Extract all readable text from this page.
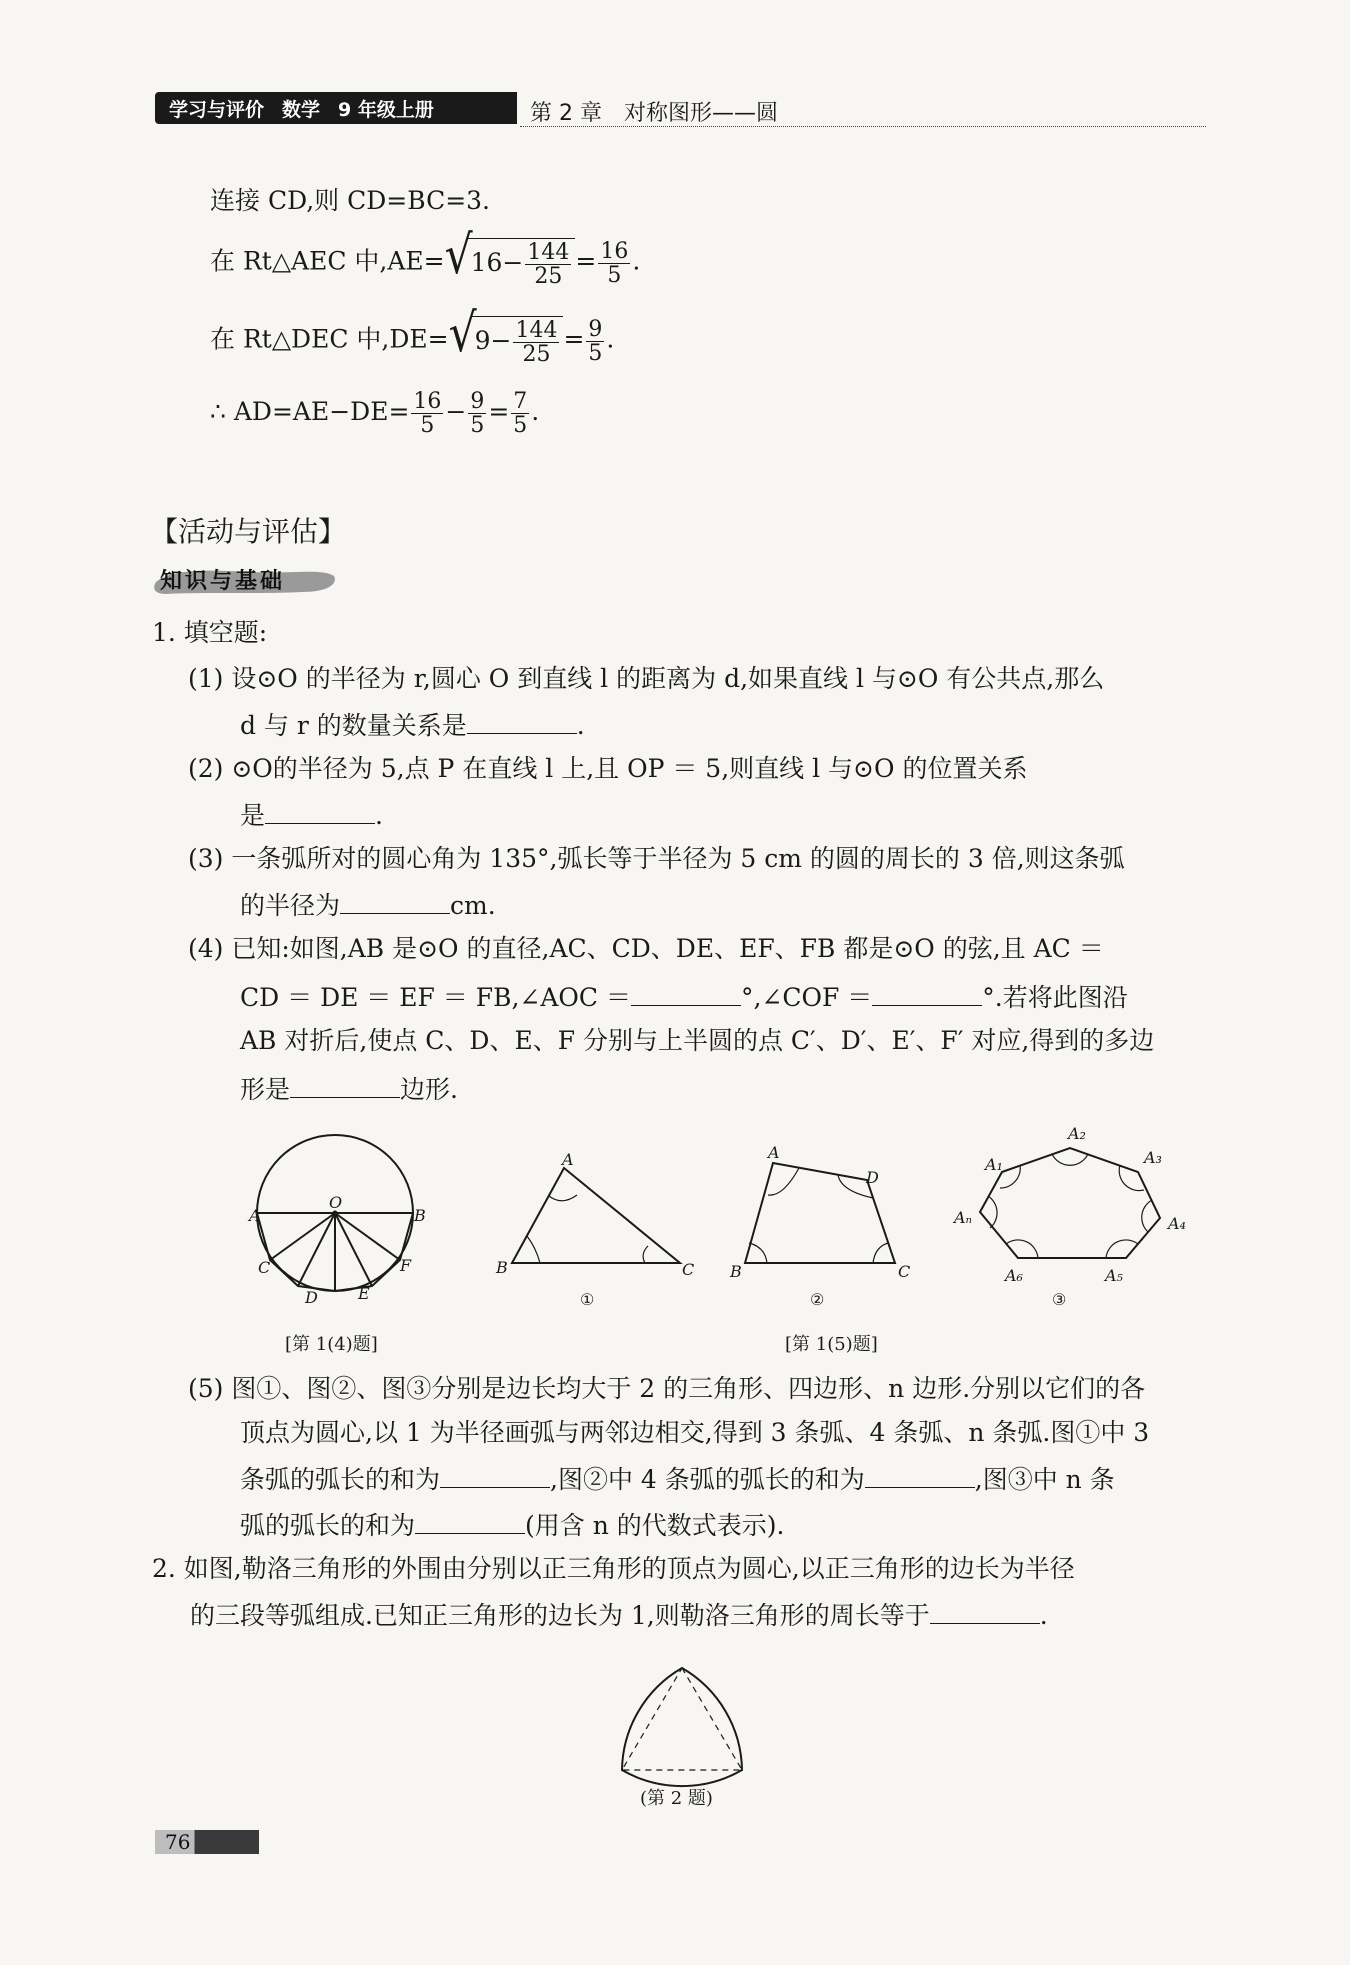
学习与评价 数学 9 年级上册	第 2 章　对称图形——圆
连接 CD,则 CD=BC=3.
在 Rt△AEC 中,AE= √
$16- \frac{144}{25} = \frac{16}{5}$ .
在 Rt△DEC 中,DE= √
$9- \frac{144}{25} = \frac{9}{5}$ .
∴ $AD=AE-DE= \frac{16}{5} - \frac{9}{5} = \frac{7}{5}$ .
【活动与评估】
知识与基础
1. 填空题:
(1) 设⊙O 的半径为 r,圆心 O 到直线 l 的距离为 d,如果直线 l 与⊙O 有公共点,那么
d 与 r 的数量关系是	.
(2) ⊙O的半径为 5,点 P 在直线 l 上,且 OP ＝ 5,则直线 l 与⊙O 的位置关系
是	.
(3) 一条弧所对的圆心角为 135°,弧长等于半径为 5 cm 的圆的周长的 3 倍,则这条弧
的半径为	cm.
(4) 已知:如图,AB 是⊙O 的直径,AC、CD、DE、EF、FB 都是⊙O 的弦,且 AC ＝
CD ＝ DE ＝ EF ＝ FB,∠AOC ＝	°,∠COF ＝	°.若将此图沿
AB 对折后,使点 C、D、E、F 分别与上半圆的点 C′、D′、E′、F′ 对应,得到的多边
形是	边形.
O
A	B
C
D	E
F
[第 1(4)题]
A
B	C
①
A
B	C
D
②
A₁
A₂
A₃
A₄
A₅
A₆
Aₙ
③
[第 1(5)题]
(5) 图①、图②、图③分别是边长均大于 2 的三角形、四边形、n 边形.分别以它们的各
顶点为圆心,以 1 为半径画弧与两邻边相交,得到 3 条弧、4 条弧、n 条弧.图①中 3
条弧的弧长的和为	,图②中 4 条弧的弧长的和为	,图③中 n 条
弧的弧长的和为	(用含 n 的代数式表示).
2. 如图,勒洛三角形的外围由分别以正三角形的顶点为圆心,以正三角形的边长为半径
的三段等弧组成.已知正三角形的边长为 1,则勒洛三角形的周长等于	.
(第 2 题)
76
